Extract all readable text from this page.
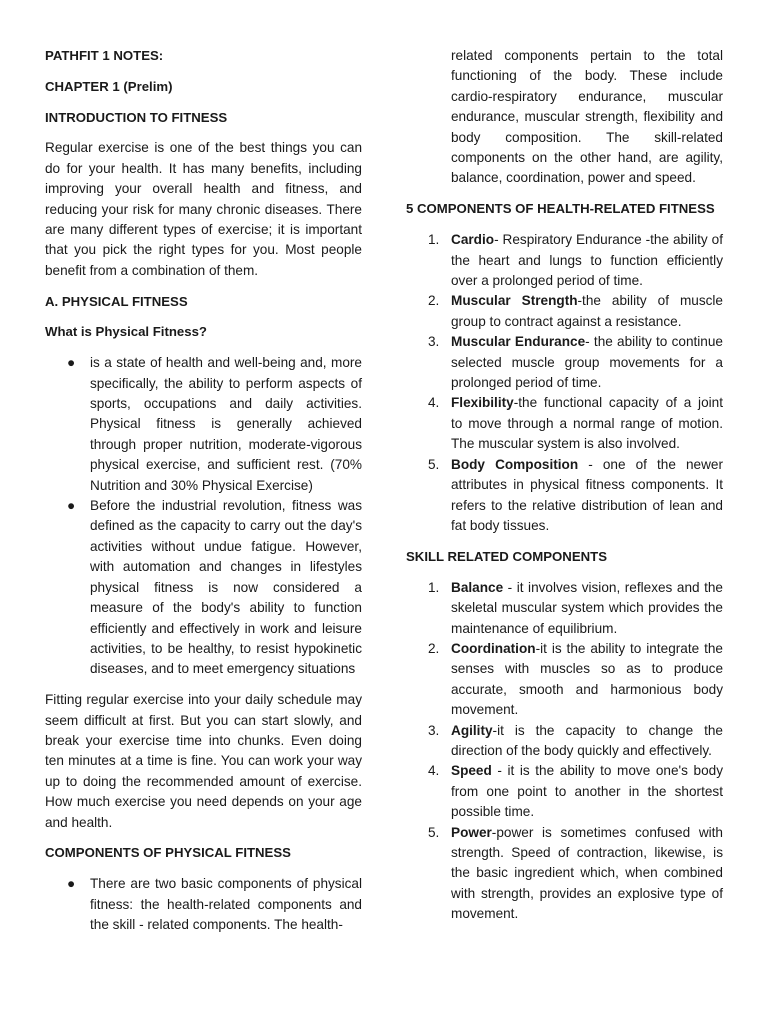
PATHFIT 1 NOTES:
CHAPTER 1 (Prelim)
INTRODUCTION TO FITNESS

Regular exercise is one of the best things you can do for your health. It has many benefits, including improving your overall health and fitness, and reducing your risk for many chronic diseases. There are many different types of exercise; it is important that you pick the right types for you. Most people benefit from a combination of them.

A. PHYSICAL FITNESS
What is Physical Fitness?
● is a state of health and well-being and, more specifically, the ability to perform aspects of sports, occupations and daily activities. Physical fitness is generally achieved through proper nutrition, moderate-vigorous physical exercise, and sufficient rest. (70% Nutrition and 30% Physical Exercise)
● Before the industrial revolution, fitness was defined as the capacity to carry out the day's activities without undue fatigue. However, with automation and changes in lifestyles physical fitness is now considered a measure of the body's ability to function efficiently and effectively in work and leisure activities, to be healthy, to resist hypokinetic diseases, and to meet emergency situations

Fitting regular exercise into your daily schedule may seem difficult at first. But you can start slowly, and break your exercise time into chunks. Even doing ten minutes at a time is fine. You can work your way up to doing the recommended amount of exercise. How much exercise you need depends on your age and health.

COMPONENTS OF PHYSICAL FITNESS
● There are two basic components of physical fitness: the health-related components and the skill - related components. The health-

related components pertain to the total functioning of the body. These include cardio-respiratory endurance, muscular endurance, muscular strength, flexibility and body composition. The skill-related components on the other hand, are agility, balance, coordination, power and speed.

5 COMPONENTS OF HEALTH-RELATED FITNESS
1. Cardio- Respiratory Endurance -the ability of the heart and lungs to function efficiently over a prolonged period of time.
2. Muscular Strength-the ability of muscle group to contract against a resistance.
3. Muscular Endurance- the ability to continue selected muscle group movements for a prolonged period of time.
4. Flexibility-the functional capacity of a joint to move through a normal range of motion. The muscular system is also involved.
5. Body Composition - one of the newer attributes in physical fitness components. It refers to the relative distribution of lean and fat body tissues.
SKILL RELATED COMPONENTS
1. Balance - it involves vision, reflexes and the skeletal muscular system which provides the maintenance of equilibrium.
2. Coordination-it is the ability to integrate the senses with muscles so as to produce accurate, smooth and harmonious body movement.
3. Agility-it is the capacity to change the direction of the body quickly and effectively.
4. Speed - it is the ability to move one's body from one point to another in the shortest possible time.
5. Power-power is sometimes confused with strength. Speed of contraction, likewise, is the basic ingredient which, when combined with strength, provides an explosive type of movement.
